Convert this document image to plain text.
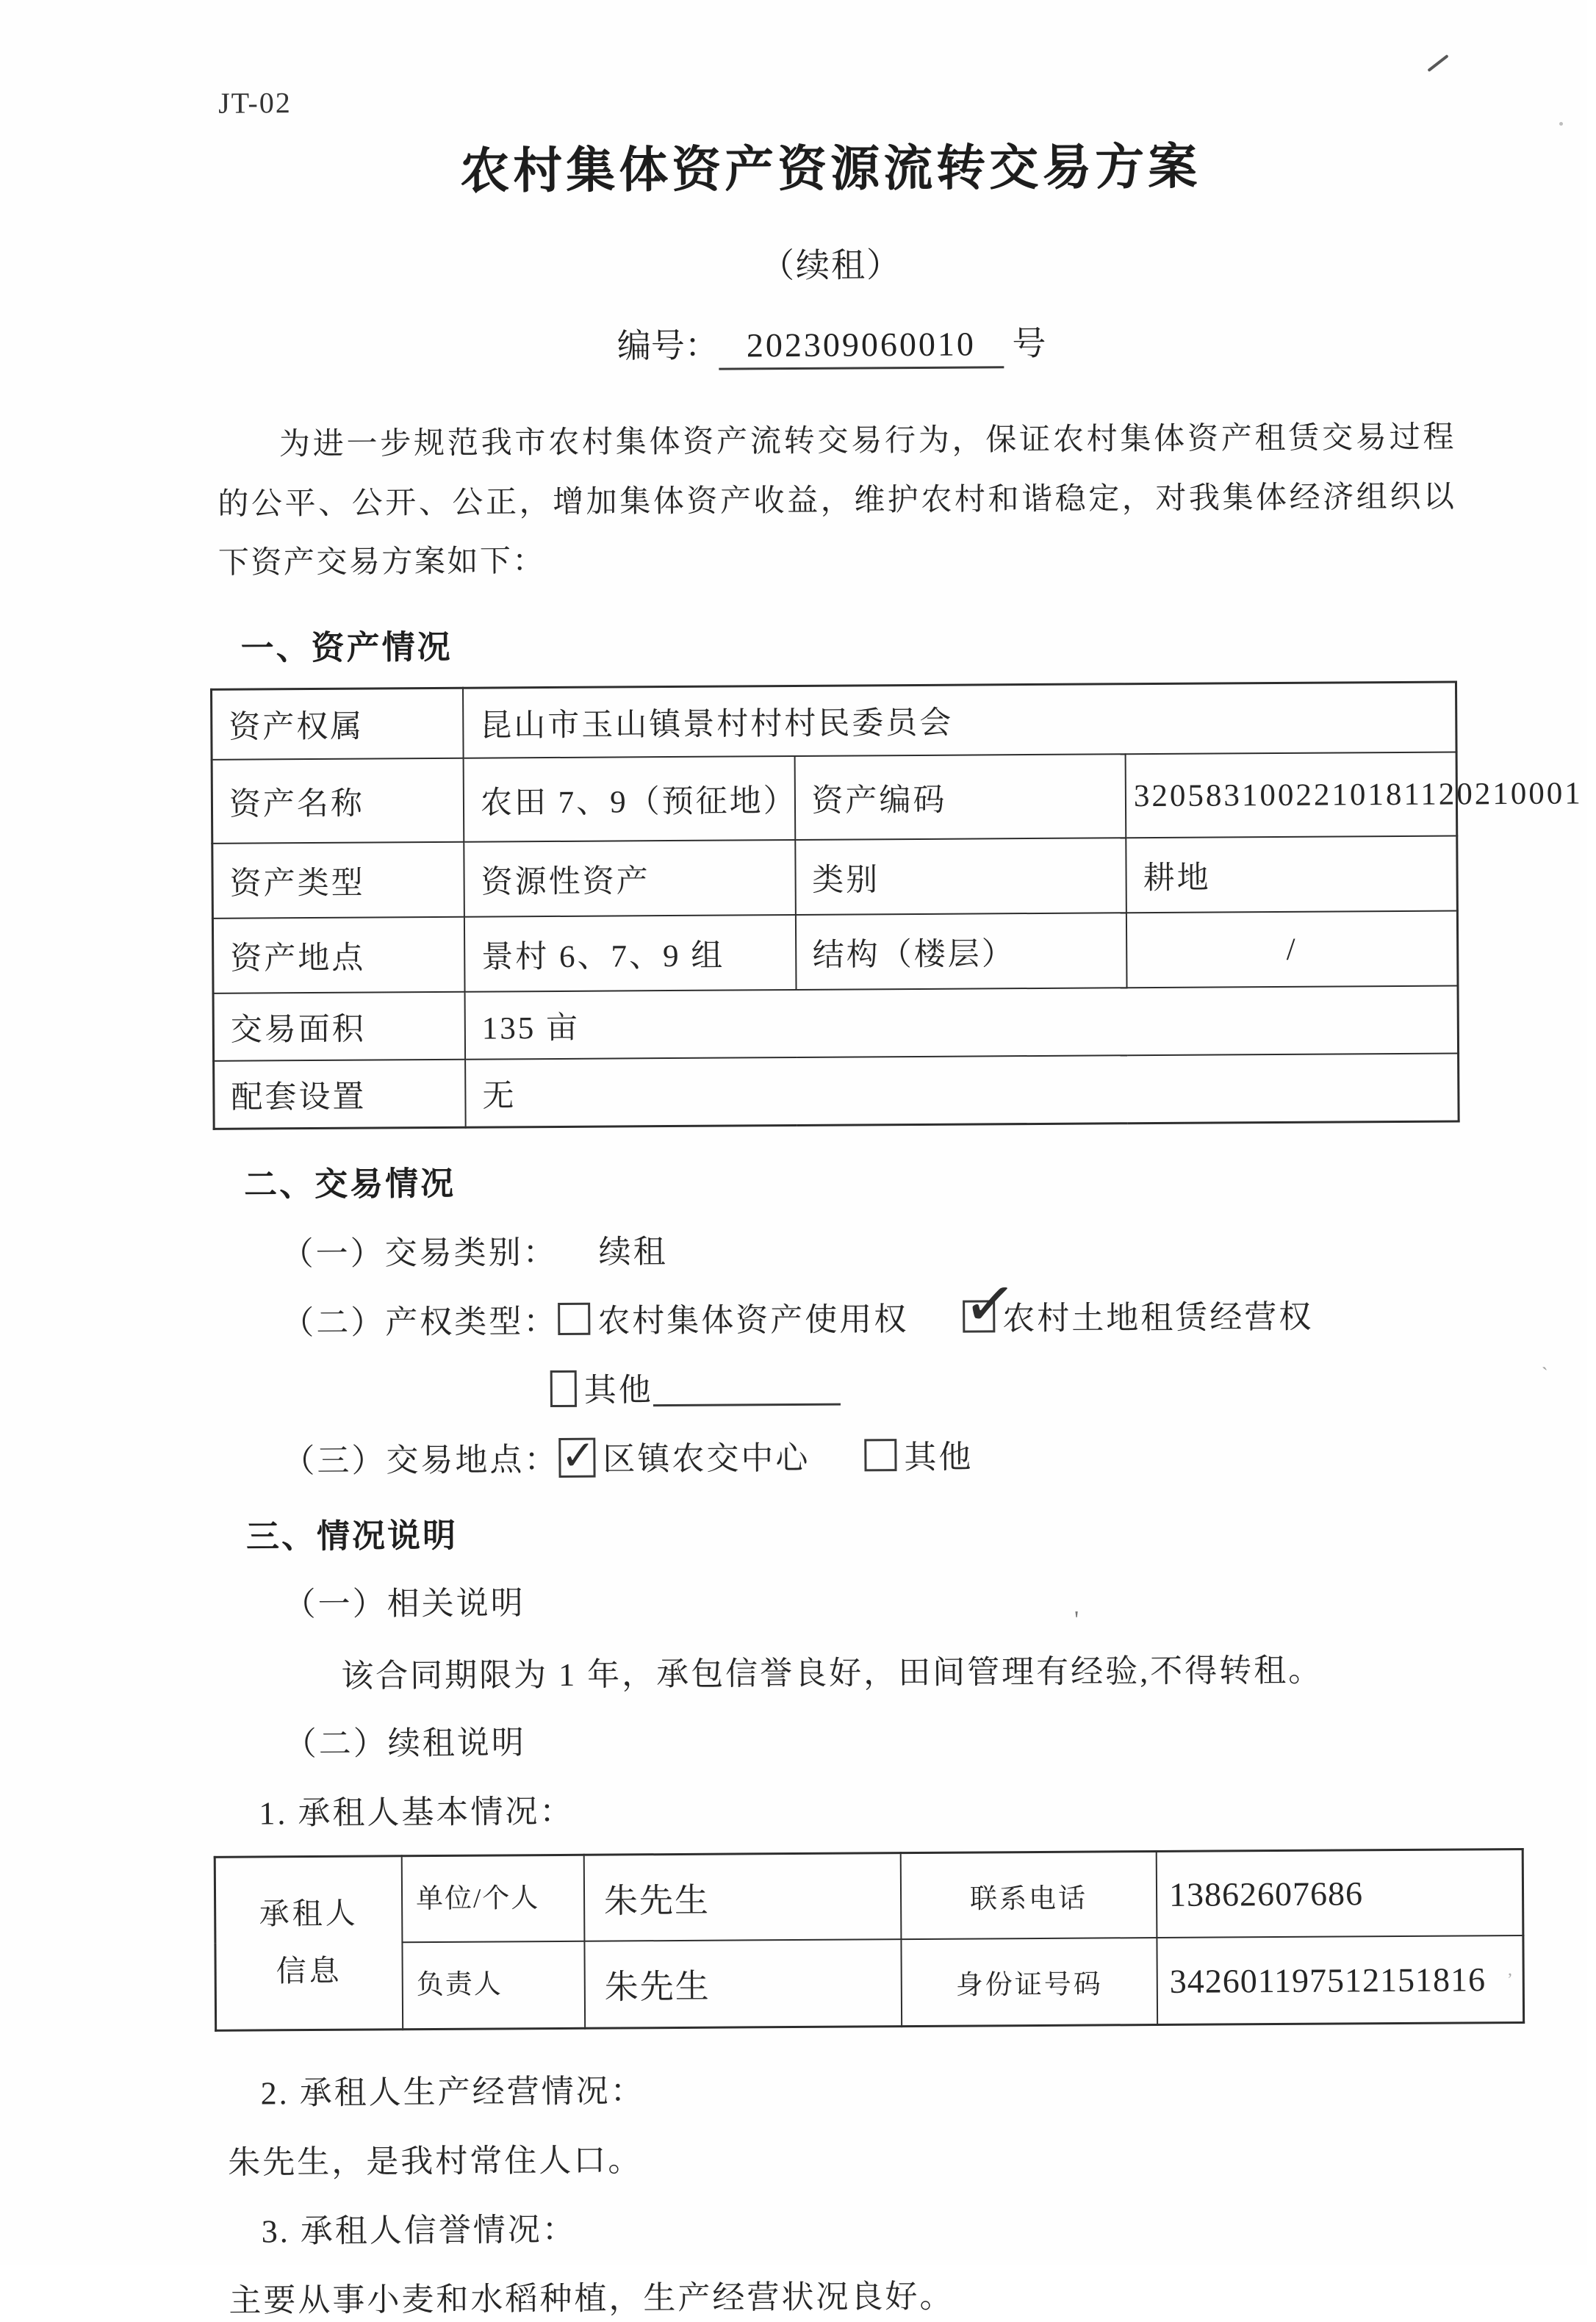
JT-02
农村集体资产资源流转交易方案
（续租）
编号： 202309060010 号

为进一步规范我市农村集体资产流转交易行为，保证农村集体资产租赁交易过程的公平、公开、公正，增加集体资产收益，维护农村和谐稳定，对我集体经济组织以下资产交易方案如下：

一、资产情况
资产权属	昆山市玉山镇景村村村民委员会		
资产名称	农田 7、9（预征地）	资产编码	3205831002210181120210001
资产类型	资源性资产	类别	耕地
资产地点	景村 6、7、9 组	结构（楼层）	/
交易面积	135 亩		
配套设置	无		
二、交易情况
（一）交易类别： 续租
（二）产权类型： 农村集体资产使用权 ✓
农村土地租赁经营权
其他
（三）交易地点： ✓ 区镇农交中心	其他
三、情况说明
（一）相关说明
该合同期限为 1 年，承包信誉良好，田间管理有经验,不得转租。
（二）续租说明
1. 承租人基本情况：
承租人
信息	单位/个人	朱先生	联系电话	13862607686
	负责人	朱先生	身份证号码	342601197512151816
2. 承租人生产经营情况：
朱先生，是我村常住人口。
3. 承租人信誉情况：
主要从事小麦和水稻种植，生产经营状况良好。
`
'
,
